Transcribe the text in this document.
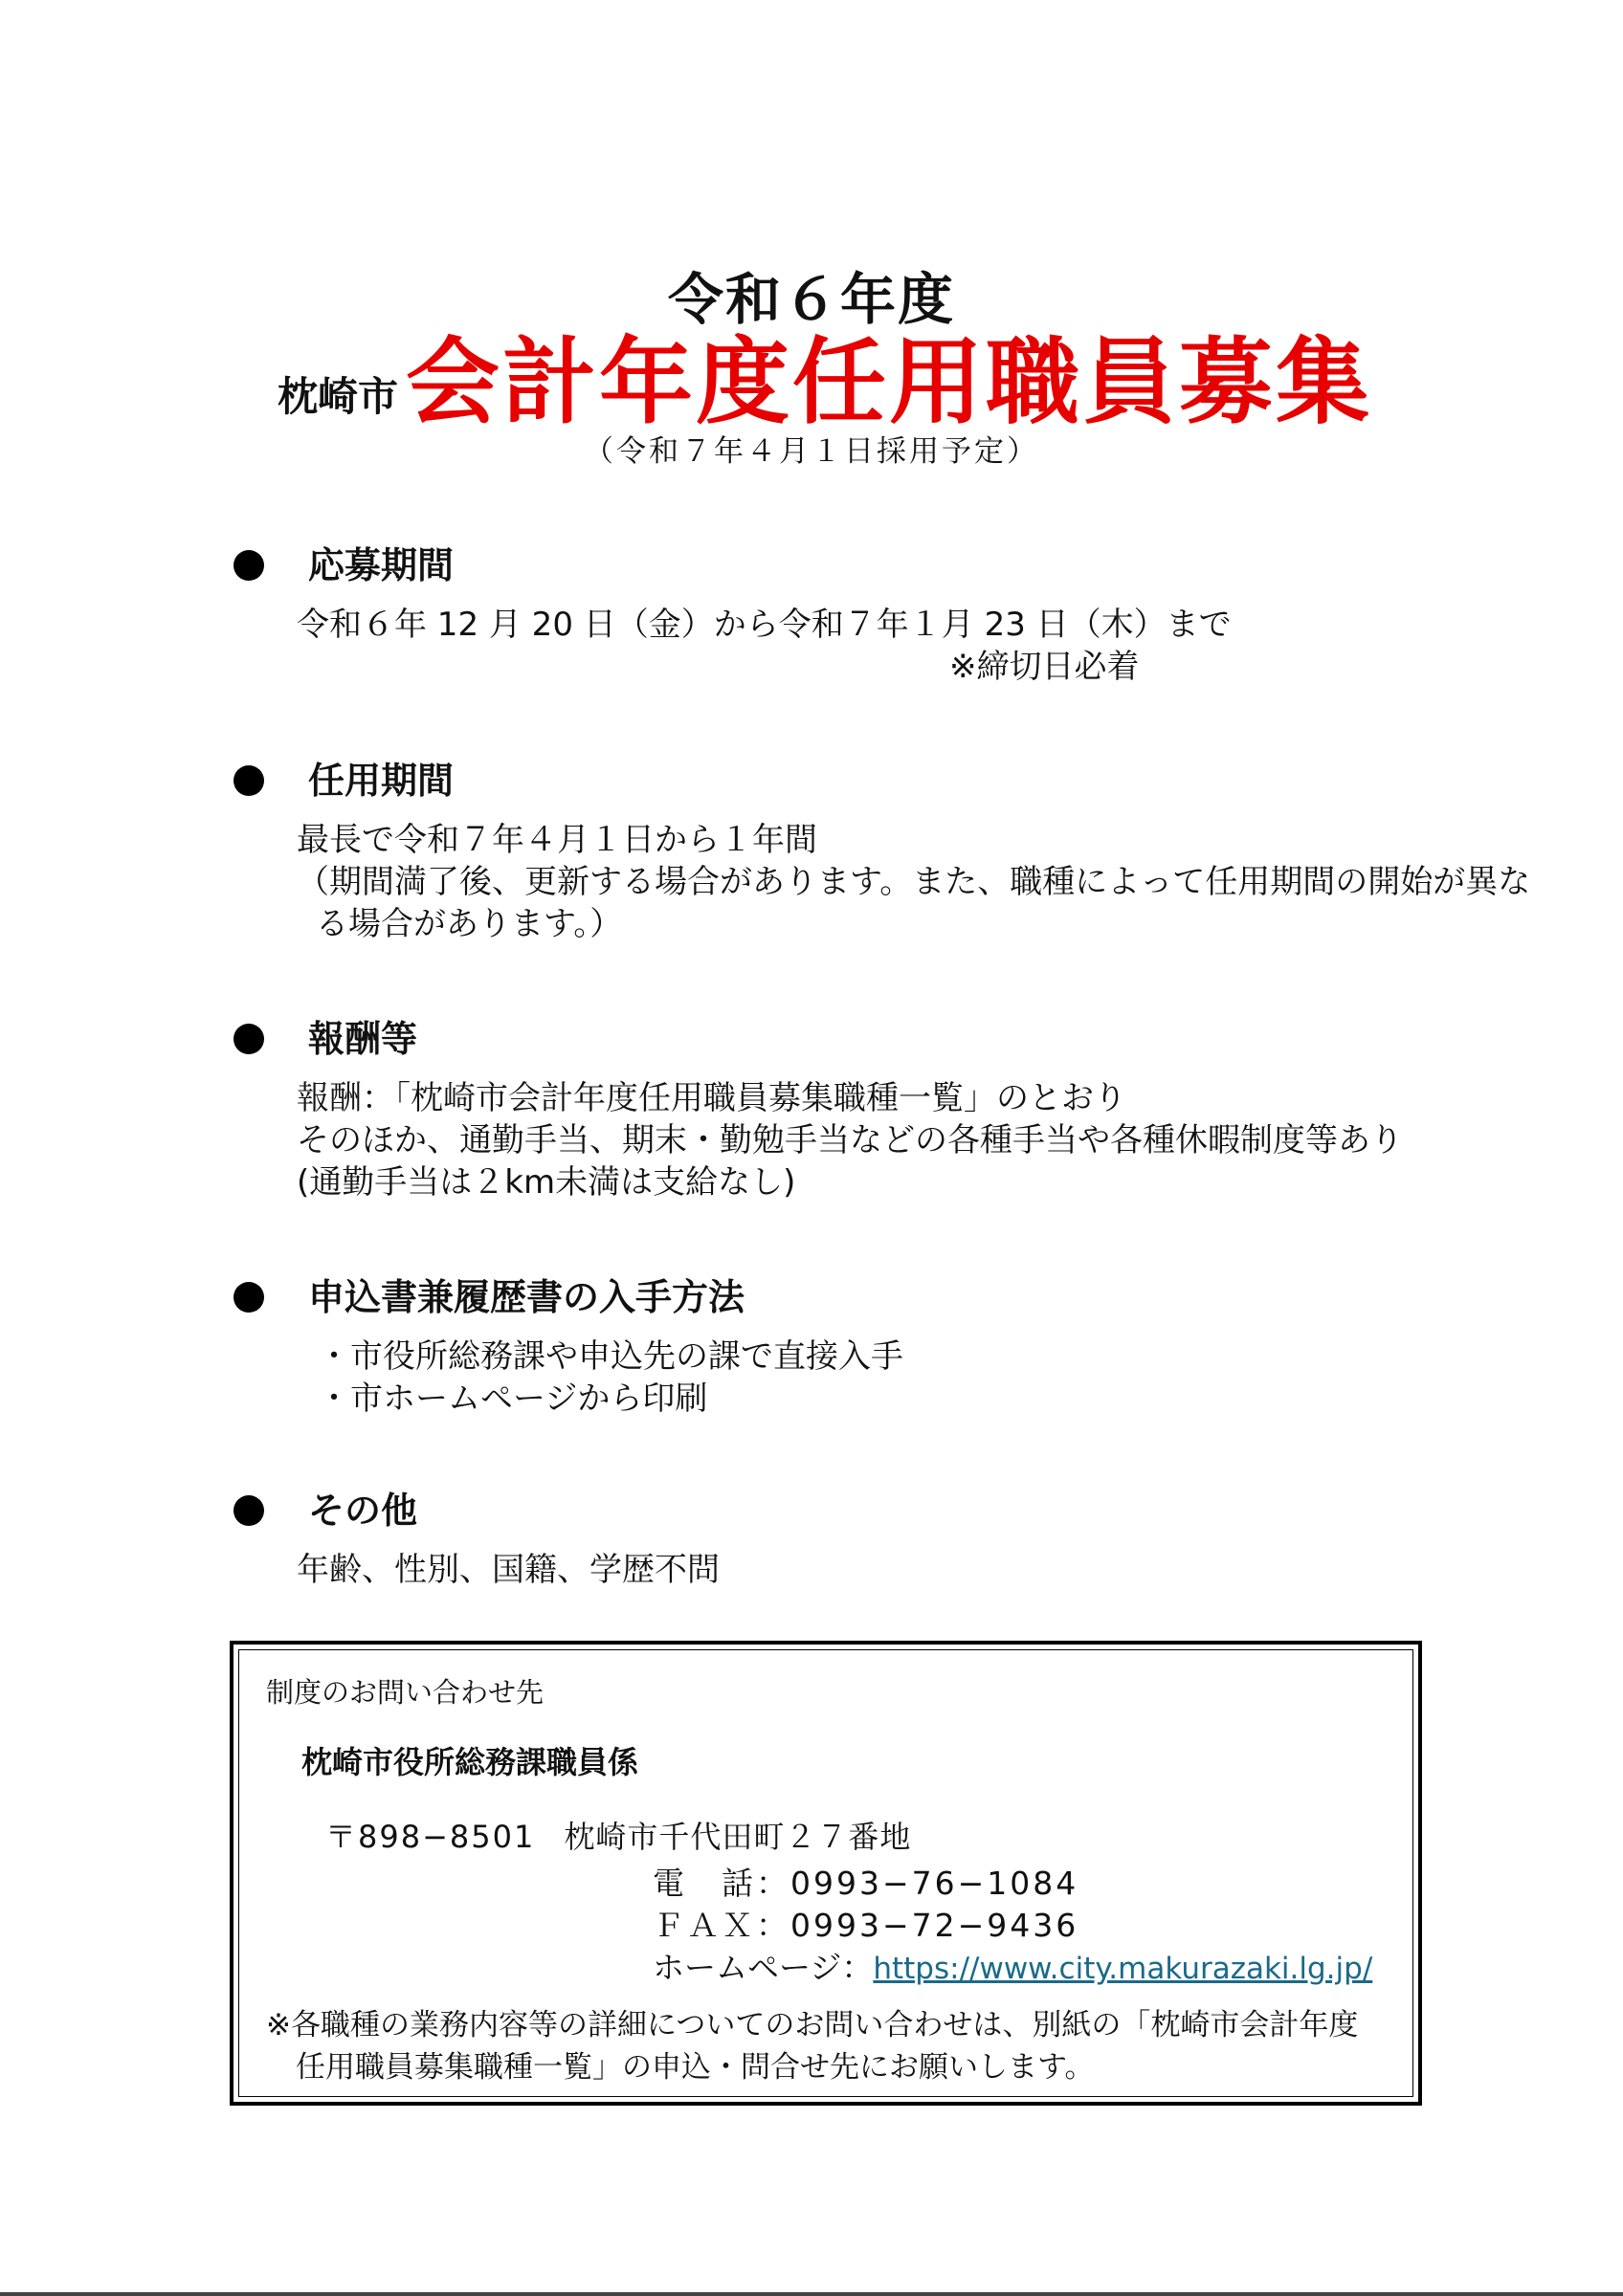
令和６年度
枕崎市会計年度任用職員募集
（令和７年４月１日採用予定）
応募期間
令和６年 12 月 20 日（金）から令和７年１月 23 日（木）まで
※締切日必着
任用期間
最長で令和７年４月１日から１年間
（期間満了後、更新する場合があります。また、職種によって任用期間の開始が異な
る場合があります。）
報酬等
報酬：「枕崎市会計年度任用職員募集職種一覧」のとおり
そのほか、通勤手当、期末・勤勉手当などの各種手当や各種休暇制度等あり
(通勤手当は２km未満は支給なし)
申込書兼履歴書の入手方法
・市役所総務課や申込先の課で直接入手
・市ホームページから印刷
その他
年齢、性別、国籍、学歴不問
制度のお問い合わせ先
枕崎市役所総務課職員係
〒898−8501 枕崎市千代田町２７番地
電　話：0993−76−1084
ＦＡＸ：0993−72−9436
ホームページ：https://www.city.makurazaki.lg.jp/
※各職種の業務内容等の詳細についてのお問い合わせは、別紙の「枕崎市会計年度
任用職員募集職種一覧」の申込・問合せ先にお願いします。
